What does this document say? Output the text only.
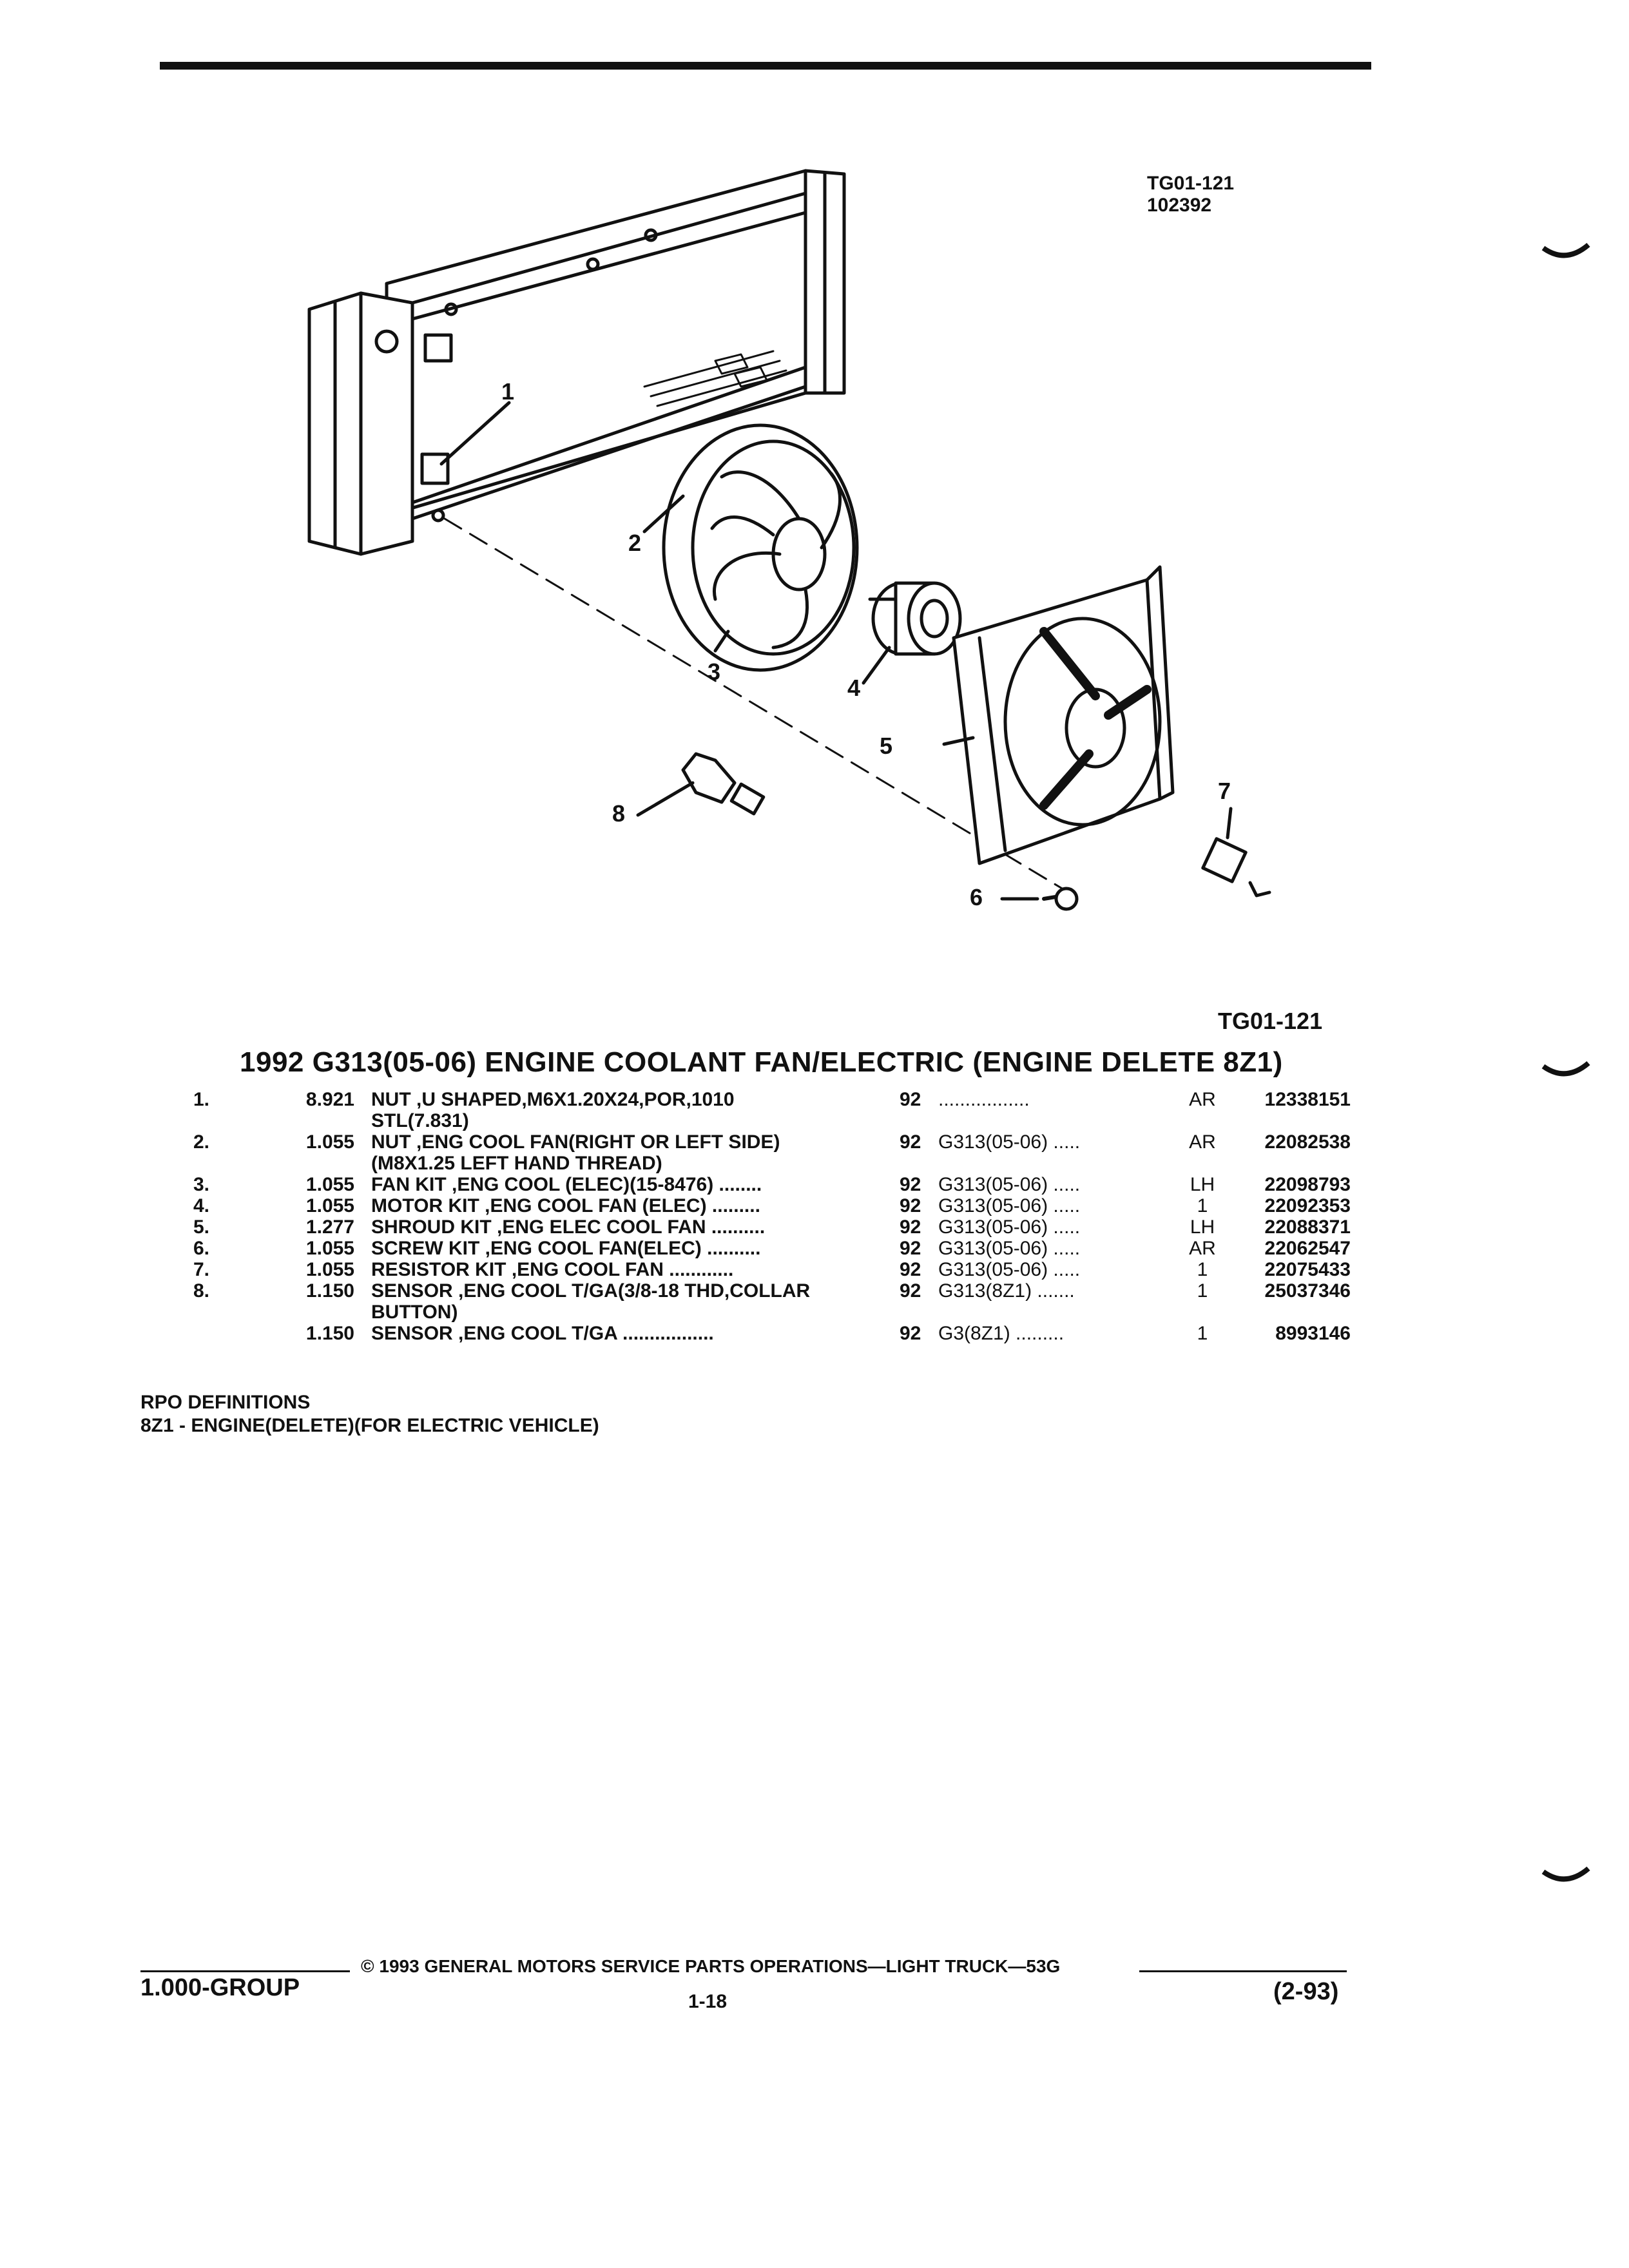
TG01-121
102392
1
2
3
4
5
6
7
8
TG01-121
1992 G313(05-06) ENGINE COOLANT FAN/ELECTRIC (ENGINE DELETE 8Z1)
1.	8.921	NUT ,U SHAPED,M6X1.20X24,POR,1010
STL(7.831)	92	.................	AR	12338151
2.	1.055	NUT ,ENG COOL FAN(RIGHT OR LEFT SIDE)
(M8X1.25 LEFT HAND THREAD)	92	G313(05-06) .....	AR	22082538
3.	1.055	FAN KIT ,ENG COOL (ELEC)(15-8476) ........	92	G313(05-06) .....	LH	22098793
4.	1.055	MOTOR KIT ,ENG COOL FAN (ELEC) .........	92	G313(05-06) .....	1	22092353
5.	1.277	SHROUD KIT ,ENG ELEC COOL FAN ..........	92	G313(05-06) .....	LH	22088371
6.	1.055	SCREW KIT ,ENG COOL FAN(ELEC) ..........	92	G313(05-06) .....	AR	22062547
7.	1.055	RESISTOR KIT ,ENG COOL FAN ............	92	G313(05-06) .....	1	22075433
8.	1.150	SENSOR ,ENG COOL T/GA(3/8-18 THD,COLLAR
BUTTON)	92	G313(8Z1) .......	1	25037346
	1.150	SENSOR ,ENG COOL T/GA .................	92	G3(8Z1) .........	1	8993146
RPO DEFINITIONS
8Z1 - ENGINE(DELETE)(FOR ELECTRIC VEHICLE)
1.000-GROUP
© 1993 GENERAL MOTORS SERVICE PARTS OPERATIONS—LIGHT TRUCK—53G
1-18	(2-93)
